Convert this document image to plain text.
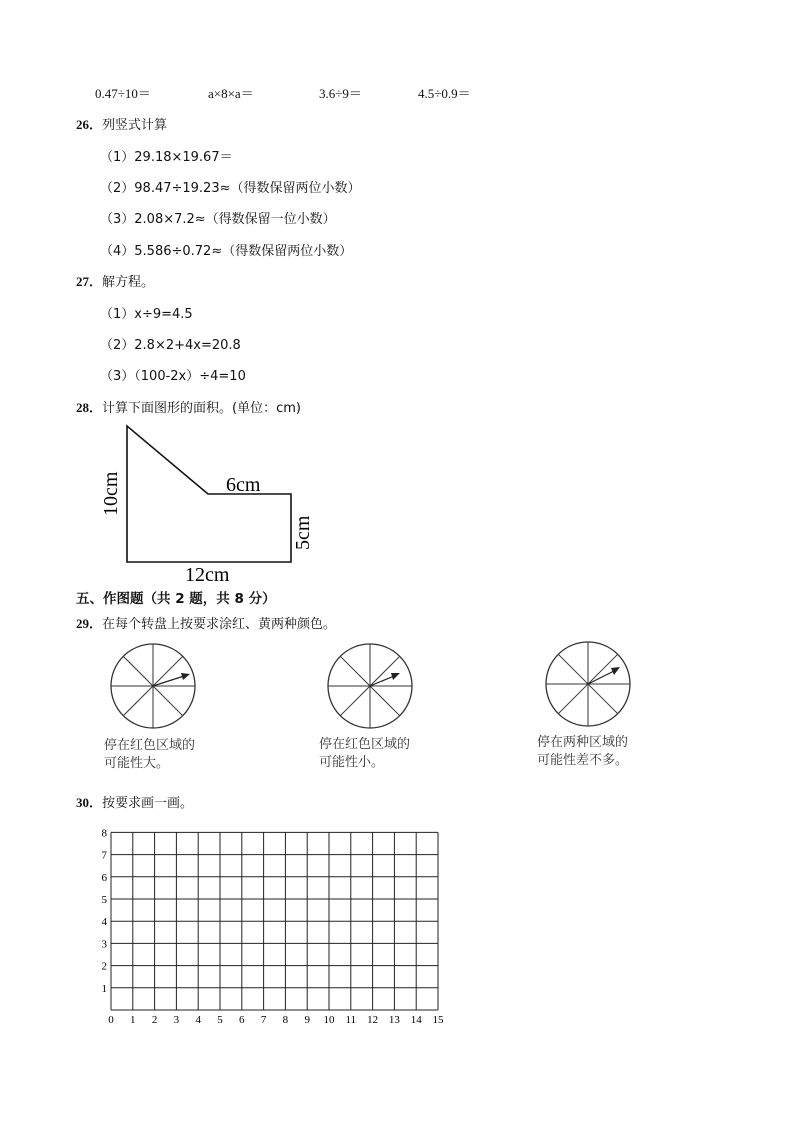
0.47÷10＝	a×8×a＝	3.6÷9＝	4.5÷0.9＝
26．列竖式计算
（1）29.18×19.67＝
（2）98.47÷19.23≈（得数保留两位小数）
（3）2.08×7.2≈（得数保留一位小数）
（4）5.586÷0.72≈（得数保留两位小数）
27．解方程。
（1）x÷9=4.5
（2）2.8×2+4x=20.8
（3）（100-2x）÷4=10
28．计算下面图形的面积。(单位：cm)
10cm	6cm
5cm
12cm
五、作图题（共 2 题，共 8 分）
29．在每个转盘上按要求涂红、黄两种颜色。
停在红色区域的
可能性大。
停在红色区域的
可能性小。
停在两种区域的
可能性差不多。
30．按要求画一画。
0 1 2 3 4 5 6 7 8 9 10 11 12 13 14 15
1
2
3
4
5
6
7
8
